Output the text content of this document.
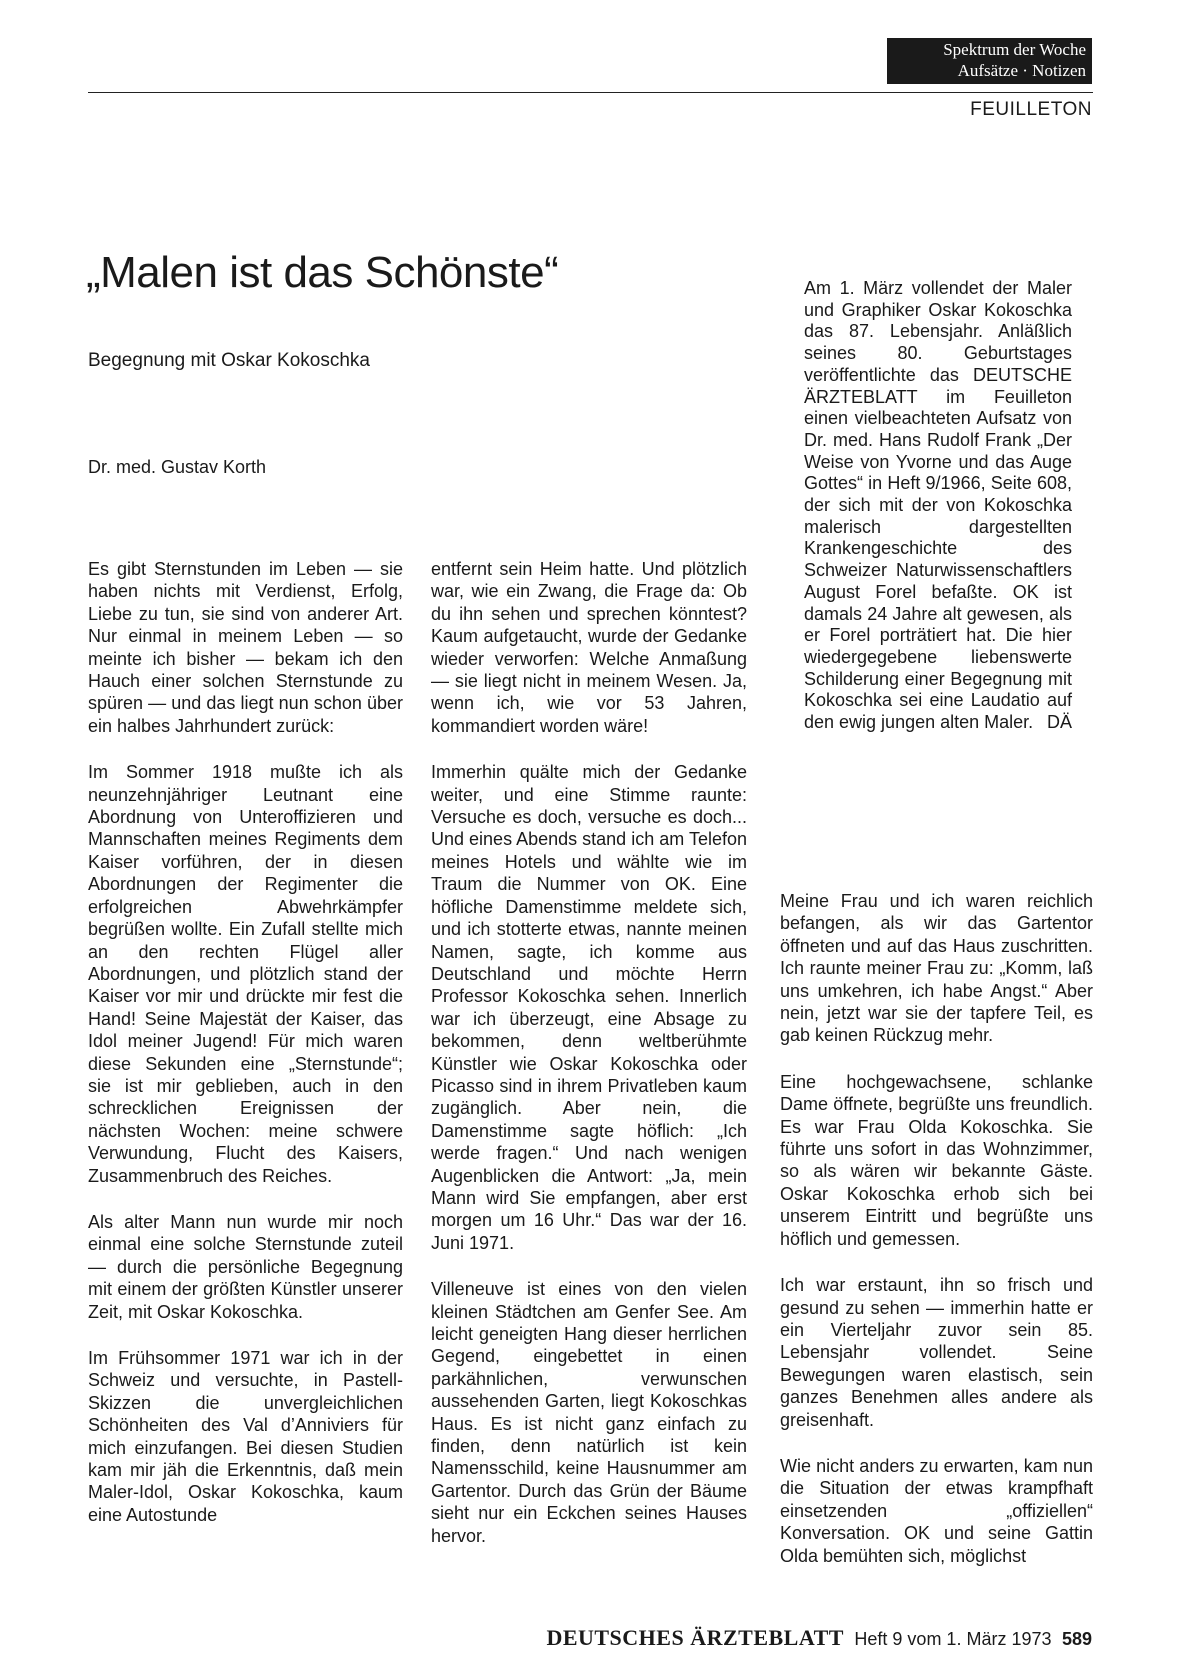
Spektrum der Woche
Aufsätze · Notizen
FEUILLETON
„Malen ist das Schönste“
Begegnung mit Oskar Kokoschka
Dr. med. Gustav Korth
Am 1. März vollendet der Maler und Graphiker Oskar Kokoschka das 87. Lebensjahr. Anläßlich seines 80. Geburtstages veröffentlichte das DEUTSCHE ÄRZTEBLATT im Feuilleton einen vielbeachteten Aufsatz von Dr. med. Hans Rudolf Frank „Der Weise von Yvorne und das Auge Gottes“ in Heft 9/1966, Seite 608, der sich mit der von Kokoschka malerisch dargestellten Krankengeschichte des Schweizer Naturwissenschaftlers August Forel befaßte. OK ist damals 24 Jahre alt gewesen, als er Forel porträtiert hat. Die hier wiedergegebene liebenswerte Schilderung einer Begegnung mit Kokoschka sei eine Laudatio auf den ewig jungen alten Maler. DÄ

Es gibt Sternstunden im Leben — sie haben nichts mit Verdienst, Erfolg, Liebe zu tun, sie sind von anderer Art. Nur einmal in meinem Leben — so meinte ich bisher — bekam ich den Hauch einer solchen Sternstunde zu spüren — und das liegt nun schon über ein halbes Jahrhundert zurück:

Im Sommer 1918 mußte ich als neunzehnjähriger Leutnant eine Abordnung von Unteroffizieren und Mannschaften meines Regiments dem Kaiser vorführen, der in diesen Abordnungen der Regimenter die erfolgreichen Abwehrkämpfer begrüßen wollte. Ein Zufall stellte mich an den rechten Flügel aller Abordnungen, und plötzlich stand der Kaiser vor mir und drückte mir fest die Hand! Seine Majestät der Kaiser, das Idol meiner Jugend! Für mich waren diese Sekunden eine „Sternstunde“; sie ist mir geblieben, auch in den schrecklichen Ereignissen der nächsten Wochen: meine schwere Verwundung, Flucht des Kaisers, Zusammenbruch des Reiches.

Als alter Mann nun wurde mir noch einmal eine solche Sternstunde zuteil — durch die persönliche Begegnung mit einem der größten Künstler unserer Zeit, mit Oskar Kokoschka.

Im Frühsommer 1971 war ich in der Schweiz und versuchte, in Pastell-Skizzen die unvergleichlichen Schönheiten des Val d’Anniviers für mich einzufangen. Bei diesen Studien kam mir jäh die Erkenntnis, daß mein Maler-Idol, Oskar Kokoschka, kaum eine Autostunde

entfernt sein Heim hatte. Und plötzlich war, wie ein Zwang, die Frage da: Ob du ihn sehen und sprechen könntest? Kaum aufgetaucht, wurde der Gedanke wieder verworfen: Welche Anmaßung — sie liegt nicht in meinem Wesen. Ja, wenn ich, wie vor 53 Jahren, kommandiert worden wäre!

Immerhin quälte mich der Gedanke weiter, und eine Stimme raunte: Versuche es doch, versuche es doch... Und eines Abends stand ich am Telefon meines Hotels und wählte wie im Traum die Nummer von OK. Eine höfliche Damenstimme meldete sich, und ich stotterte etwas, nannte meinen Namen, sagte, ich komme aus Deutschland und möchte Herrn Professor Kokoschka sehen. Innerlich war ich überzeugt, eine Absage zu bekommen, denn weltberühmte Künstler wie Oskar Kokoschka oder Picasso sind in ihrem Privatleben kaum zugänglich. Aber nein, die Damenstimme sagte höflich: „Ich werde fragen.“ Und nach wenigen Augenblicken die Antwort: „Ja, mein Mann wird Sie empfangen, aber erst morgen um 16 Uhr.“ Das war der 16. Juni 1971.

Villeneuve ist eines von den vielen kleinen Städtchen am Genfer See. Am leicht geneigten Hang dieser herrlichen Gegend, eingebettet in einen parkähnlichen, verwunschen aussehenden Garten, liegt Kokoschkas Haus. Es ist nicht ganz einfach zu finden, denn natürlich ist kein Namensschild, keine Hausnummer am Gartentor. Durch das Grün der Bäume sieht nur ein Eckchen seines Hauses hervor.

Meine Frau und ich waren reichlich befangen, als wir das Gartentor öffneten und auf das Haus zuschritten. Ich raunte meiner Frau zu: „Komm, laß uns umkehren, ich habe Angst.“ Aber nein, jetzt war sie der tapfere Teil, es gab keinen Rückzug mehr.

Eine hochgewachsene, schlanke Dame öffnete, begrüßte uns freundlich. Es war Frau Olda Kokoschka. Sie führte uns sofort in das Wohnzimmer, so als wären wir bekannte Gäste. Oskar Kokoschka erhob sich bei unserem Eintritt und begrüßte uns höflich und gemessen.

Ich war erstaunt, ihn so frisch und gesund zu sehen — immerhin hatte er ein Vierteljahr zuvor sein 85. Lebensjahr vollendet. Seine Bewegungen waren elastisch, sein ganzes Benehmen alles andere als greisenhaft.

Wie nicht anders zu erwarten, kam nun die Situation der etwas krampfhaft einsetzenden „offiziellen“ Konversation. OK und seine Gattin Olda bemühten sich, möglichst

DEUTSCHES ÄRZTEBLATT Heft 9 vom 1. März 1973 589
